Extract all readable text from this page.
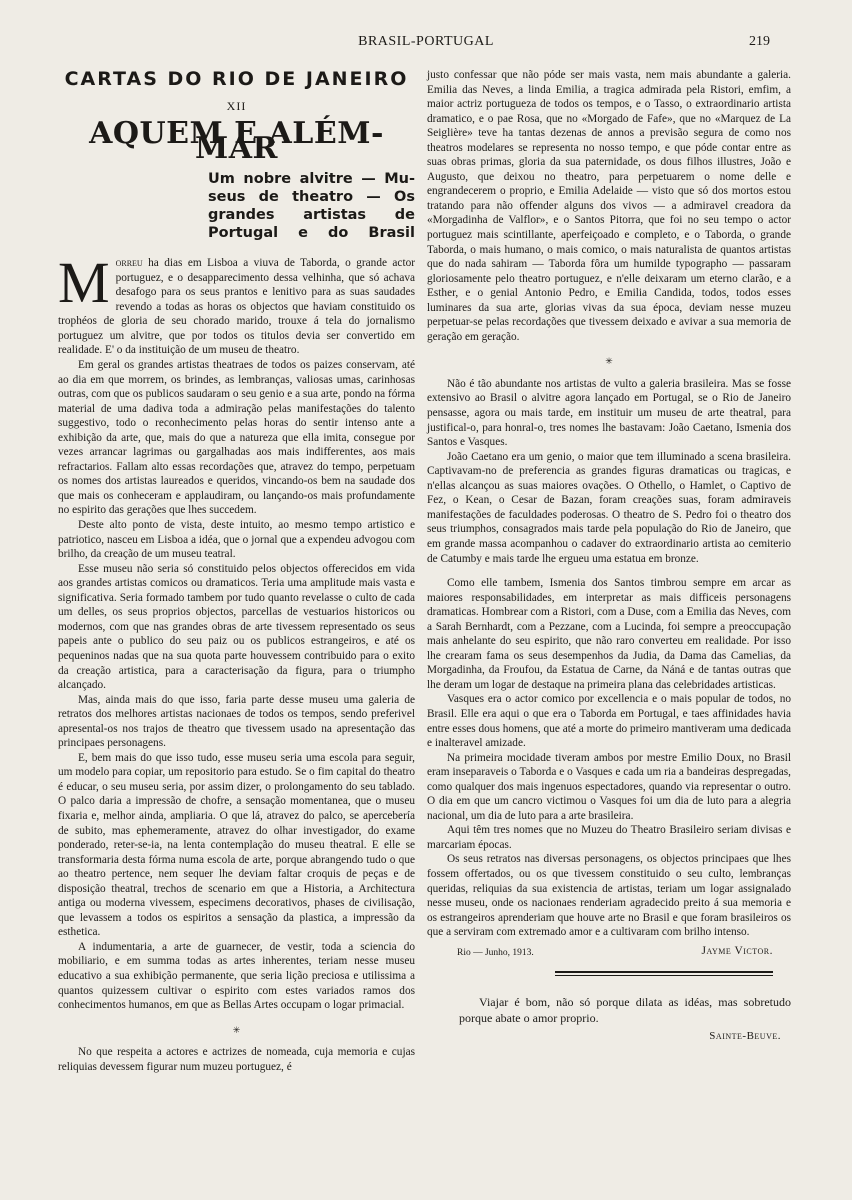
BRASIL-PORTUGAL	219
CARTAS DO RIO DE JANEIRO
XII
AQUEM E ALÉM-MAR
Um nobre alvitre — Mu-
seus de theatro — Os
grandes artistas de
Portugal e do Brasil

Morreu ha dias em Lisboa a viuva de Taborda, o grande actor portuguez, e o desapparecimento dessa velhinha, que só achava desafogo para os seus prantos e lenitivo para as suas saudades revendo a todas as horas os objectos que haviam constituido os trophéos de gloria de seu chorado marido, trouxe á tela do jornalismo portuguez um alvitre, que por todos os titulos devia ser convertido em realidade. E' o da instituição de um museu de theatro.

Em geral os grandes artistas theatraes de todos os paizes conservam, até ao dia em que morrem, os brindes, as lembranças, valiosas umas, carinhosas outras, com que os publicos saudaram o seu genio e a sua arte, pondo na fórma material de uma dadiva toda a admiração pelas manifestações do talento suggestivo, todo o reconhecimento pelas horas do sentir intenso ante a exhibição da arte, que, mais do que a natureza que ella imita, consegue por vezes arrancar lagrimas ou gargalhadas aos mais indifferentes, aos mais refractarios. Fallam alto essas recordações que, atravez do tempo, perpetuam os nomes dos artistas laureados e queridos, vincando-os bem na saudade dos que mais os conheceram e applaudiram, ou lançando-os mais profundamente no espirito das gerações que lhes succedem.

Deste alto ponto de vista, deste intuito, ao mesmo tempo artistico e patriotico, nasceu em Lisboa a idéa, que o jornal que a expendeu advogou com brilho, da creação de um museu teatral.

Esse museu não seria só constituido pelos objectos offerecidos em vida aos grandes artistas comicos ou dramaticos. Teria uma amplitude mais vasta e significativa. Seria formado tambem por tudo quanto revelasse o culto de cada um delles, os seus proprios objectos, parcellas de vestuarios historicos ou modernos, com que nas grandes obras de arte tivessem representado os seus papeis ante o publico do seu paiz ou os publicos estrangeiros, e até os pequeninos nadas que na sua quota parte houvessem contribuido para o exito da creação artistica, para a caracterisação da figura, para o triumpho alcançado.

Mas, ainda mais do que isso, faria parte desse museu uma galeria de retratos dos melhores artistas nacionaes de todos os tempos, sendo preferivel apresental-os nos trajos de theatro que tivessem usado na apresentação das principaes personagens.

E, bem mais do que isso tudo, esse museu seria uma escola para seguir, um modelo para copiar, um repositorio para estudo. Se o fim capital do theatro é educar, o seu museu seria, por assim dizer, o prolongamento do seu tablado. O palco daria a impressão de chofre, a sensação momentanea, que o museu fixaria e, melhor ainda, ampliaria. O que lá, atravez do palco, se apercebería de subito, mas ephemeramente, atravez do olhar investigador, do exame ponderado, reter-se-ia, na lenta contemplação do museu theatral. E elle se transformaria desta fórma numa escola de arte, porque abrangendo tudo o que ao theatro pertence, nem sequer lhe deviam faltar croquis de peças e de disposição theatral, trechos de scenario em que a Historia, a Architectura antiga ou moderna vivessem, especimens decorativos, phases de civilisação, que levassem a todos os espiritos a sensação da plastica, a impressão da esthetica.

A indumentaria, a arte de guarnecer, de vestir, toda a sciencia do mobiliario, e em summa todas as artes inherentes, teriam nesse museu educativo a sua exhibição permanente, que seria lição preciosa e utilissima a quantos quizessem cultivar o espirito com estes variados ramos dos conhecimentos humanos, em que as Bellas Artes occupam o logar primacial.

✳

No que respeita a actores e actrizes de nomeada, cuja memoria e cujas reliquias devessem figurar num muzeu portuguez, é

justo confessar que não póde ser mais vasta, nem mais abundante a galeria. Emilia das Neves, a linda Emilia, a tragica admirada pela Ristori, emfim, a maior actriz portugueza de todos os tempos, e o Tasso, o extraordinario artista dramatico, e o pae Rosa, que no «Morgado de Fafe», que no «Marquez de La Seiglière» teve ha tantas dezenas de annos a previsão segura de como nos theatros modelares se representa no nosso tempo, e que póde contar entre as suas obras primas, gloria da sua paternidade, os dous filhos illustres, João e Augusto, que deixou no theatro, para perpetuarem o nome delle e engrandecerem o proprio, e Emilia Adelaide — visto que só dos mortos estou tratando para não offender alguns dos vivos — a admiravel creadora da «Morgadinha de Valflor», e o Santos Pitorra, que foi no seu tempo o actor portuguez mais scintillante, aperfeiçoado e completo, e o Taborda, o grande Taborda, o mais humano, o mais comico, o mais naturalista de quantos artistas que do nada sahiram — Taborda fôra um humilde typographo — passaram gloriosamente pelo theatro portuguez, e n'elle deixaram um eterno clarão, e a Esther, e o genial Antonio Pedro, e Emilia Candida, todos, todos esses luminares da sua arte, glorias vivas da sua época, deviam nesse muzeu perpetuar-se pelas recordações que tivessem deixado e avivar a sua memoria de geração em geração.

✳

Não é tão abundante nos artistas de vulto a galeria brasileira. Mas se fosse extensivo ao Brasil o alvitre agora lançado em Portugal, se o Rio de Janeiro pensasse, agora ou mais tarde, em instituir um museu de arte theatral, para justifical-o, para honral-o, tres nomes lhe bastavam: João Caetano, Ismenia dos Santos e Vasques.

João Caetano era um genio, o maior que tem illuminado a scena brasileira. Captivavam-no de preferencia as grandes figuras dramaticas ou tragicas, e n'ellas alcançou as suas maiores ovações. O Othello, o Hamlet, o Captivo de Fez, o Kean, o Cesar de Bazan, foram creações suas, foram admiraveis manifestações de faculdades poderosas. O theatro de S. Pedro foi o theatro dos seus triumphos, consagrados mais tarde pela população do Rio de Janeiro, que em grande massa acompanhou o cadaver do extraordinario artista ao cemiterio de Catumby e mais tarde lhe ergueu uma estatua em bronze.

Como elle tambem, Ismenia dos Santos timbrou sempre em arcar as maiores responsabilidades, em interpretar as mais difficeis personagens dramaticas. Hombrear com a Ristori, com a Duse, com a Emilia das Neves, com a Sarah Bernhardt, com a Pezzane, com a Lucinda, foi sempre a preoccupação mais anhelante do seu espirito, que não raro converteu em realidade. Por isso lhe crearam fama os seus desempenhos da Judia, da Dama das Camelias, da Morgadinha, da Froufou, da Estatua de Carne, da Náná e de tantas outras que lhe deram um logar de destaque na primeira plana das celebridades artisticas.

Vasques era o actor comico por excellencia e o mais popular de todos, no Brasil. Elle era aqui o que era o Taborda em Portugal, e taes affinidades havia entre esses dous homens, que até a morte do primeiro mantiveram uma dedicada e inalteravel amizade.

Na primeira mocidade tiveram ambos por mestre Emilio Doux, no Brasil eram inseparaveis o Taborda e o Vasques e cada um ria a bandeiras despregadas, como qualquer dos mais ingenuos espectadores, quando via representar o outro. O dia em que um cancro victimou o Vasques foi um dia de luto para a alegria nacional, um dia de luto para a arte brasileira.

Aqui têm tres nomes que no Muzeu do Theatro Brasileiro seriam divisas e marcariam épocas.

Os seus retratos nas diversas personagens, os objectos principaes que lhes fossem offertados, ou os que tivessem constituido o seu culto, lembranças queridas, reliquias da sua existencia de artistas, teriam um logar assignalado nesse museu, onde os nacionaes renderiam agradecido preito á sua memoria e os estrangeiros aprenderiam que houve arte no Brasil e que foram brasileiros os que a serviram com extremado amor e a cultivaram com brilho intenso.

Rio — Junho, 1913.	Jayme Victor.

Viajar é bom, não só porque dilata as idéas, mas sobretudo porque abate o amor proprio.

Sainte-Beuve.
